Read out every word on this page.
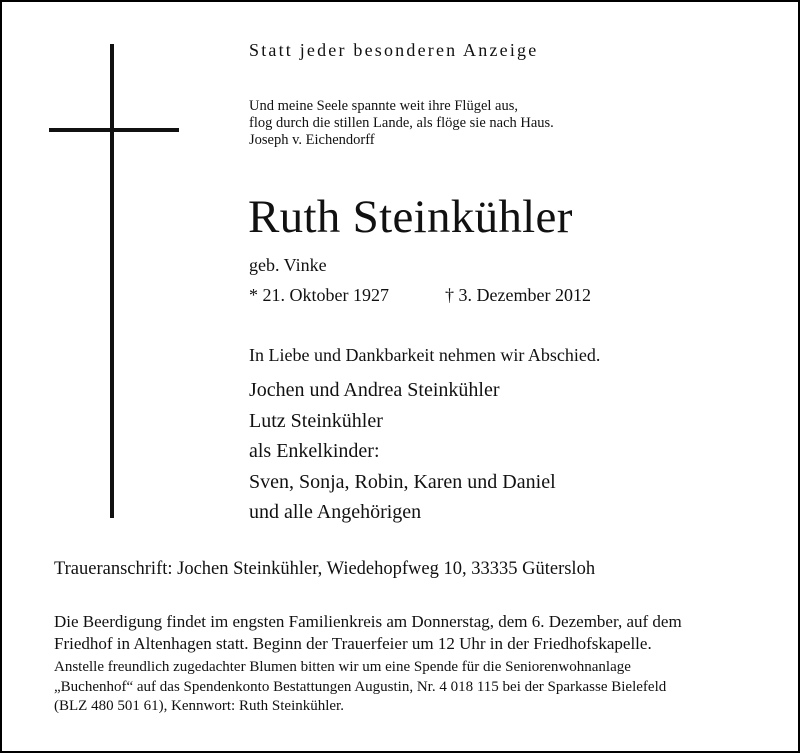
Statt jeder besonderen Anzeige
Und meine Seele spannte weit ihre Flügel aus,
flog durch die stillen Lande, als flöge sie nach Haus.
Joseph v. Eichendorff
Ruth Steinkühler
geb. Vinke
* 21. Oktober 1927	† 3. Dezember 2012
In Liebe und Dankbarkeit nehmen wir Abschied.
Jochen und Andrea Steinkühler
Lutz Steinkühler
als Enkelkinder:
Sven, Sonja, Robin, Karen und Daniel
und alle Angehörigen
Traueranschrift: Jochen Steinkühler, Wiedehopfweg 10, 33335 Gütersloh
Die Beerdigung findet im engsten Familienkreis am Donnerstag, dem 6. Dezember, auf dem
Friedhof in Altenhagen statt. Beginn der Trauerfeier um 12 Uhr in der Friedhofskapelle.
Anstelle freundlich zugedachter Blumen bitten wir um eine Spende für die Seniorenwohnanlage
„Buchenhof“ auf das Spendenkonto Bestattungen Augustin, Nr. 4 018 115 bei der Sparkasse Bielefeld
(BLZ 480 501 61), Kennwort: Ruth Steinkühler.
